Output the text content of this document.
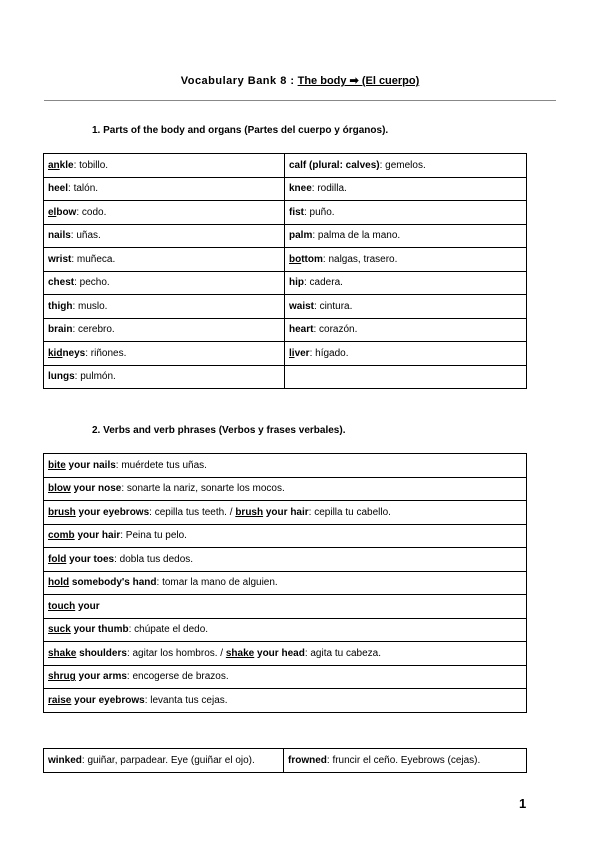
Vocabulary Bank 8 : The body ➡ (El cuerpo)
1. Parts of the body and organs (Partes del cuerpo y órganos).
ankle: tobillo.	calf (plural: calves): gemelos.
heel: talón.	knee: rodilla.
elbow: codo.	fist: puño.
nails: uñas.	palm: palma de la mano.
wrist: muñeca.	bottom: nalgas, trasero.
chest: pecho.	hip: cadera.
thigh: muslo.	waist: cintura.
brain: cerebro.	heart: corazón.
kidneys: riñones.	liver: hígado.
lungs: pulmón.	
2. Verbs and verb phrases (Verbos y frases verbales).
bite your nails: muérdete tus uñas.
blow your nose: sonarte la nariz, sonarte los mocos.
brush your eyebrows: cepilla tus teeth. / brush your hair: cepilla tu cabello.
comb your hair: Peina tu pelo.
fold your toes: dobla tus dedos.
hold somebody's hand: tomar la mano de alguien.
touch your
suck your thumb: chúpate el dedo.
shake shoulders: agitar los hombros. / shake your head: agita tu cabeza.
shrug your arms: encogerse de brazos.
raise your eyebrows: levanta tus cejas.
winked: guiñar, parpadear. Eye (guiñar el ojo).	frowned: fruncir el ceño. Eyebrows (cejas).
1
